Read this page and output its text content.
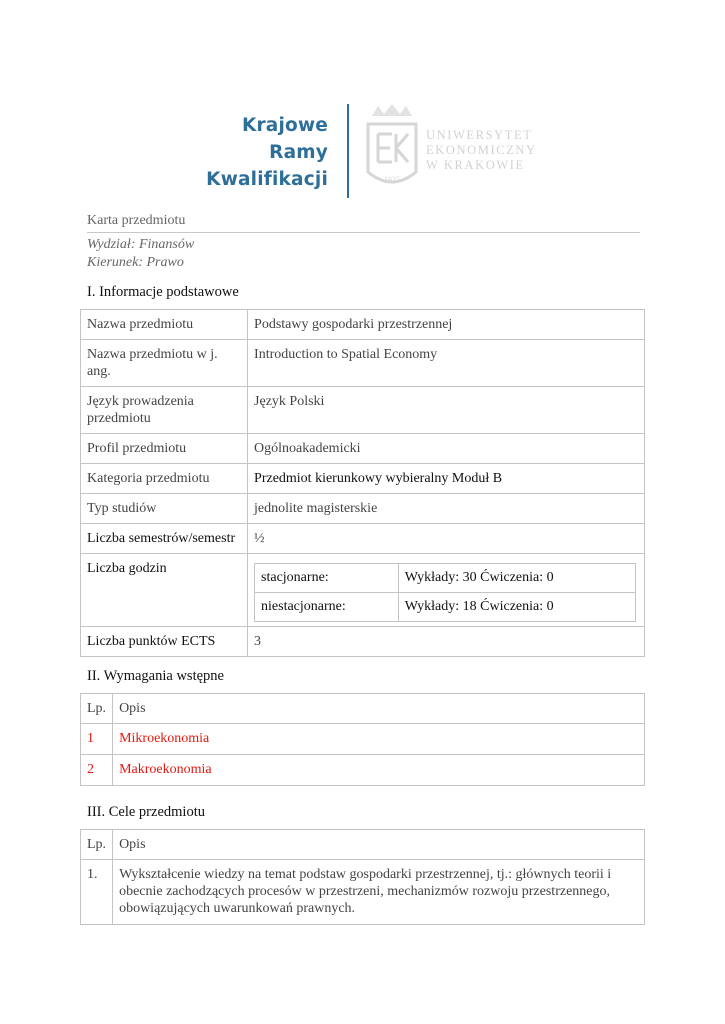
Krajowe
Ramy
Kwalifikacji	1925
UNIWERSYTET
EKONOMICZNY
W KRAKOWIE
Karta przedmiotu
Wydział: Finansów
Kierunek: Prawo
I. Informacje podstawowe
Nazwa przedmiotu	Podstawy gospodarki przestrzennej
Nazwa przedmiotu w j. ang.	Introduction to Spatial Economy
Język prowadzenia przedmiotu	Język Polski
Profil przedmiotu	Ogólnoakademicki
Kategoria przedmiotu	Przedmiot kierunkowy wybieralny Moduł B
Typ studiów	jednolite magisterskie
Liczba semestrów/semestr	½
Liczba godzin	
stacjonarne:	Wykłady: 30 Ćwiczenia: 0
niestacjonarne:	Wykłady: 18 Ćwiczenia: 0

Liczba punktów ECTS	3
II. Wymagania wstępne
Lp.	Opis
1	Mikroekonomia
2	Makroekonomia
III. Cele przedmiotu
Lp.	Opis
1.	Wykształcenie wiedzy na temat podstaw gospodarki przestrzennej, tj.: głównych teorii i obecnie zachodzących procesów w przestrzeni, mechanizmów rozwoju przestrzennego, obowiązujących uwarunkowań prawnych.
